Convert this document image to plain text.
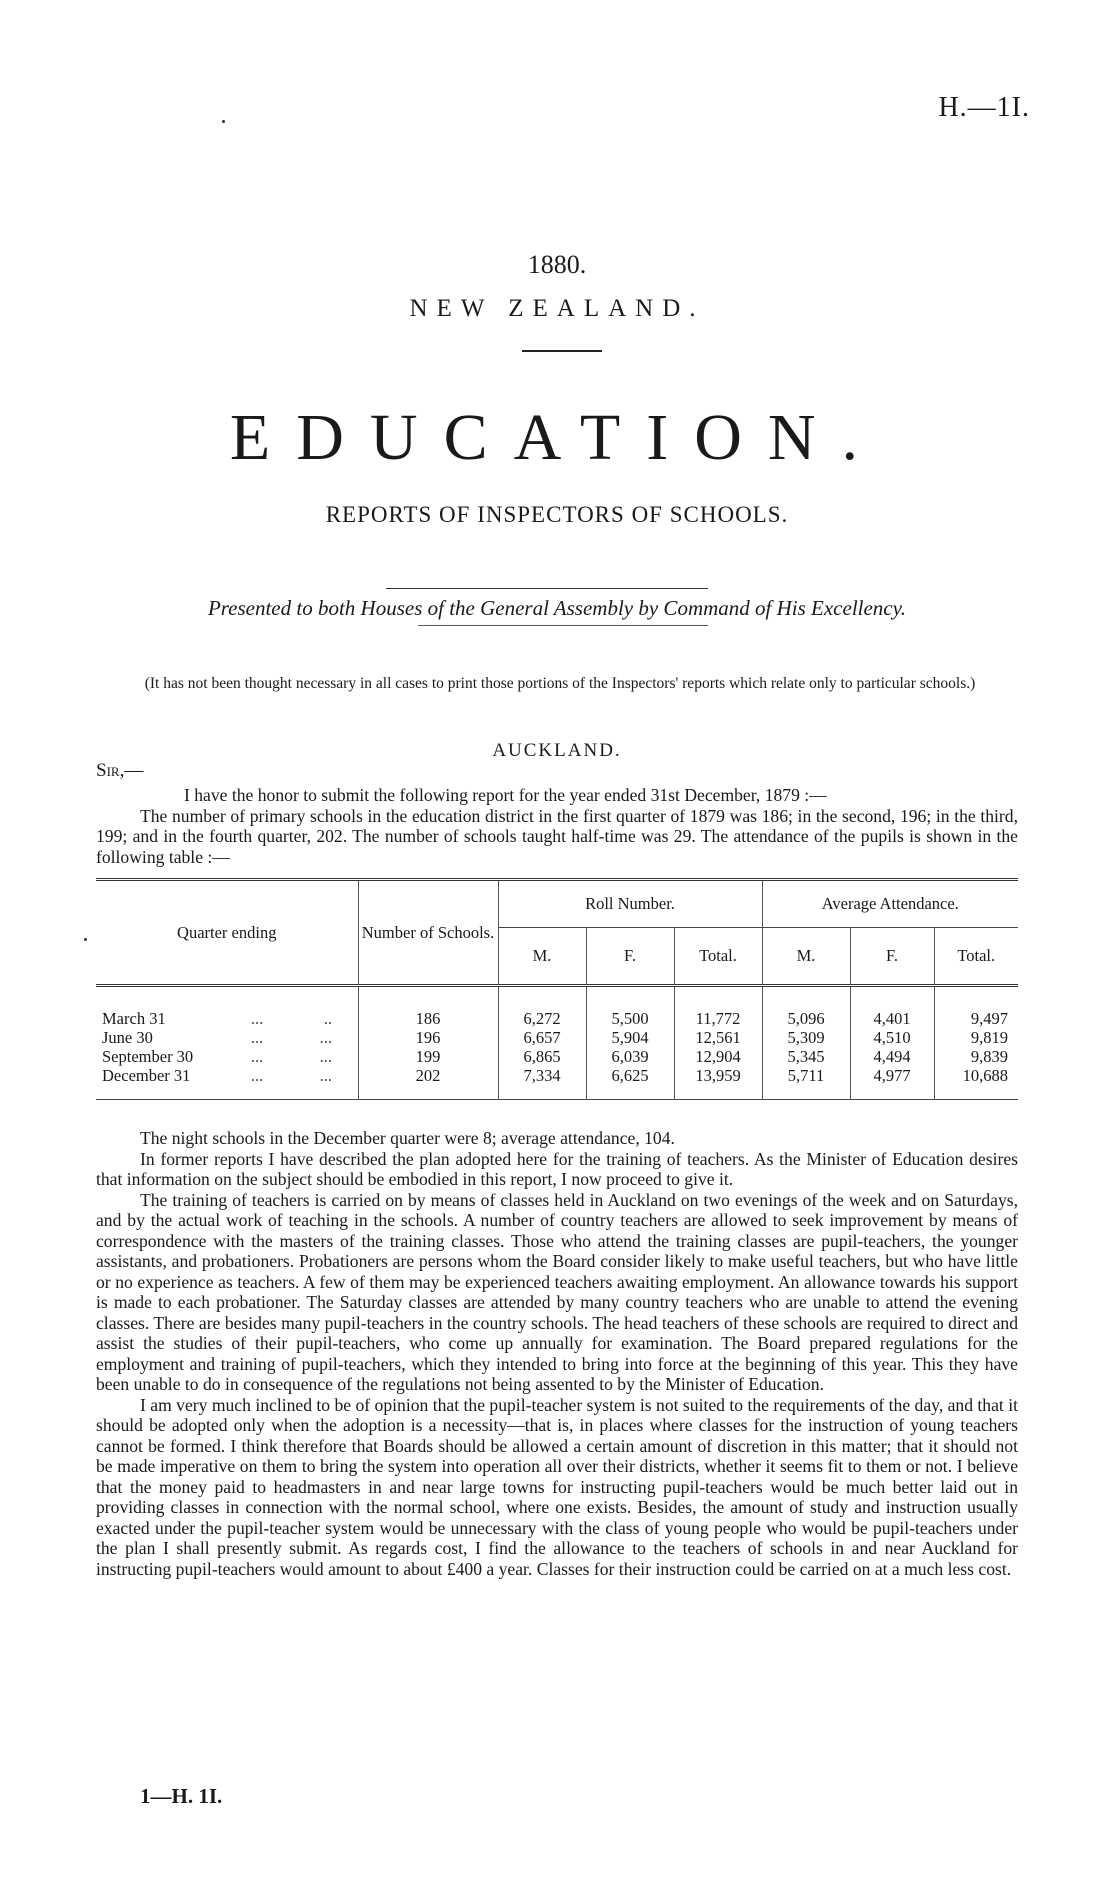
H.—1I.
1880.
NEW ZEALAND.
EDUCATION.
REPORTS OF INSPECTORS OF SCHOOLS.
Presented to both Houses of the General Assembly by Command of His Excellency.
(It has not been thought necessary in all cases to print those portions of the Inspectors' reports which relate only to particular schools.)
AUCKLAND.
Sir,—

I have the honor to submit the following report for the year ended 31st December, 1879 :—

The number of primary schools in the education district in the first quarter of 1879 was 186; in the second, 196; in the third, 199; and in the fourth quarter, 202. The number of schools taught half-time was 29. The attendance of the pupils is shown in the following table :—

Quarter ending	Number of Schools.	Roll Number.			Average Attendance.		
		M.	F.	Total.	M.	F.	Total.

March 31 ... ..	186	6,272	5,500	11,772	5,096	4,401	9,497
June 30 ... ...	196	6,657	5,904	12,561	5,309	4,510	9,819
September 30 ... ...	199	6,865	6,039	12,904	5,345	4,494	9,839
December 31 ... ...	202	7,334	6,625	13,959	5,711	4,977	10,688

The night schools in the December quarter were 8; average attendance, 104.

In former reports I have described the plan adopted here for the training of teachers. As the Minister of Education desires that information on the subject should be embodied in this report, I now proceed to give it.

The training of teachers is carried on by means of classes held in Auckland on two evenings of the week and on Saturdays, and by the actual work of teaching in the schools. A number of country teachers are allowed to seek improvement by means of correspondence with the masters of the training classes. Those who attend the training classes are pupil-teachers, the younger assistants, and probationers. Probationers are persons whom the Board consider likely to make useful teachers, but who have little or no experience as teachers. A few of them may be experienced teachers awaiting employment. An allowance towards his support is made to each probationer. The Saturday classes are attended by many country teachers who are unable to attend the evening classes. There are besides many pupil-teachers in the country schools. The head teachers of these schools are required to direct and assist the studies of their pupil-teachers, who come up annually for examination. The Board prepared regulations for the employment and training of pupil-teachers, which they intended to bring into force at the beginning of this year. This they have been unable to do in consequence of the regulations not being assented to by the Minister of Education.

I am very much inclined to be of opinion that the pupil-teacher system is not suited to the requirements of the day, and that it should be adopted only when the adoption is a necessity—that is, in places where classes for the instruction of young teachers cannot be formed. I think therefore that Boards should be allowed a certain amount of discretion in this matter; that it should not be made imperative on them to bring the system into operation all over their districts, whether it seems fit to them or not. I believe that the money paid to headmasters in and near large towns for instructing pupil-teachers would be much better laid out in providing classes in connection with the normal school, where one exists. Besides, the amount of study and instruction usually exacted under the pupil-teacher system would be unnecessary with the class of young people who would be pupil-teachers under the plan I shall presently submit. As regards cost, I find the allowance to the teachers of schools in and near Auckland for instructing pupil-teachers would amount to about £400 a year. Classes for their instruction could be carried on at a much less cost.

1—H. 1I.
